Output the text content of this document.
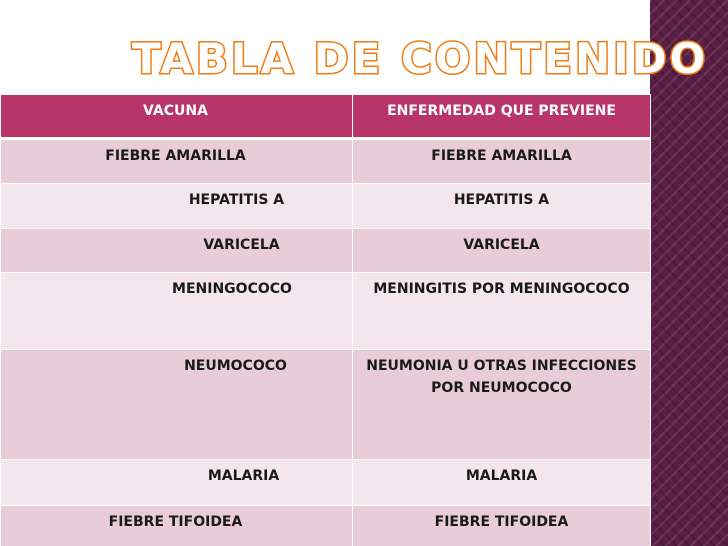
TABLA DE CONTENIDO
VACUNA	ENFERMEDAD QUE PREVIENE
FIEBRE AMARILLA	FIEBRE AMARILLA
HEPATITIS A	HEPATITIS A
VARICELA	VARICELA
MENINGOCOCO	MENINGITIS POR MENINGOCOCO
NEUMOCOCO	NEUMONIA U OTRAS INFECCIONES POR NEUMOCOCO
MALARIA	MALARIA
FIEBRE TIFOIDEA	FIEBRE TIFOIDEA
